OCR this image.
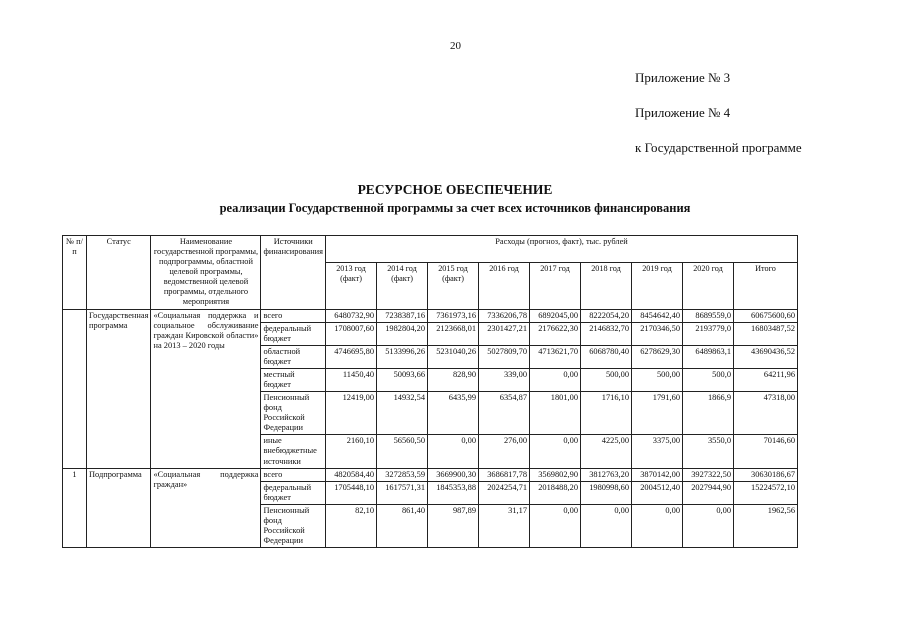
20
Приложение № 3
Приложение № 4
к Государственной программе
РЕСУРСНОЕ ОБЕСПЕЧЕНИЕ
реализации Государственной программы за счет всех источников финансирования
№ п/п	Статус	Наименование государственной программы, подпрограммы, областной целевой программы, ведомственной целевой программы, отдельного мероприятия	Источники финансирования	Расходы (прогноз, факт), тыс. рублей								
				2013 год (факт)	2014 год (факт)	2015 год (факт)	2016 год	2017 год	2018 год	2019 год	2020 год	Итого
	Государственная программа	«Социальная поддержка и социальное обслуживание граждан Кировской области» на 2013 – 2020 годы	всего	6480732,90	7238387,16	7361973,16	7336206,78	6892045,00	8222054,20	8454642,40	8689559,0	60675600,60
			федеральный бюджет	1708007,60	1982804,20	2123668,01	2301427,21	2176622,30	2146832,70	2170346,50	2193779,0	16803487,52
			областной бюджет	4746695,80	5133996,26	5231040,26	5027809,70	4713621,70	6068780,40	6278629,30	6489863,1	43690436,52
			местный бюджет	11450,40	50093,66	828,90	339,00	0,00	500,00	500,00	500,0	64211,96
			Пенсионный фонд Российской Федерации	12419,00	14932,54	6435,99	6354,87	1801,00	1716,10	1791,60	1866,9	47318,00
			иные внебюджетные источники	2160,10	56560,50	0,00	276,00	0,00	4225,00	3375,00	3550,0	70146,60
1	Подпрограмма	«Социальная поддержка граждан»	всего	4820584,40	3272853,59	3669900,30	3686817,78	3569802,90	3812763,20	3870142,00	3927322,50	30630186,67
			федеральный бюджет	1705448,10	1617571,31	1845353,88	2024254,71	2018488,20	1980998,60	2004512,40	2027944,90	15224572,10
			Пенсионный фонд Российской Федерации	82,10	861,40	987,89	31,17	0,00	0,00	0,00	0,00	1962,56
